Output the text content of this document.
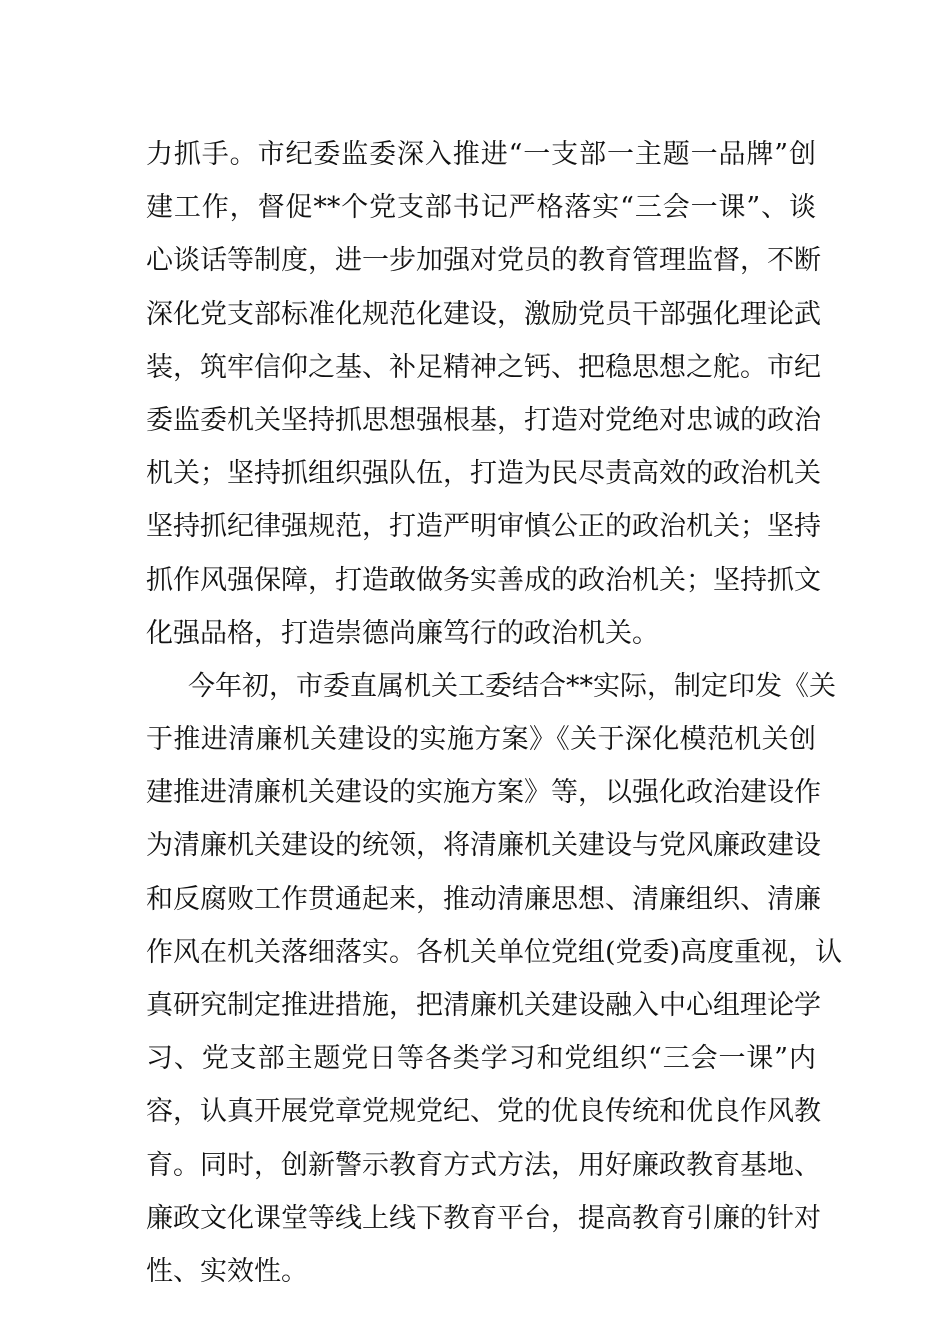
力抓手。市纪委监委深入推进“一支部一主题一品牌”创
建工作，督促**个党支部书记严格落实“三会一课”、谈
心谈话等制度，进一步加强对党员的教育管理监督，不断
深化党支部标准化规范化建设，激励党员干部强化理论武
装，筑牢信仰之基、补足精神之钙、把稳思想之舵。市纪
委监委机关坚持抓思想强根基，打造对党绝对忠诚的政治
机关；坚持抓组织强队伍，打造为民尽责高效的政治机关
坚持抓纪律强规范，打造严明审慎公正的政治机关；坚持
抓作风强保障，打造敢做务实善成的政治机关；坚持抓文
化强品格，打造崇德尚廉笃行的政治机关。
今年初，市委直属机关工委结合**实际，制定印发《关
于推进清廉机关建设的实施方案》《关于深化模范机关创
建推进清廉机关建设的实施方案》等，以强化政治建设作
为清廉机关建设的统领，将清廉机关建设与党风廉政建设
和反腐败工作贯通起来，推动清廉思想、清廉组织、清廉
作风在机关落细落实。各机关单位党组(党委)高度重视，认
真研究制定推进措施，把清廉机关建设融入中心组理论学
习、党支部主题党日等各类学习和党组织“三会一课”内
容，认真开展党章党规党纪、党的优良传统和优良作风教
育。同时，创新警示教育方式方法，用好廉政教育基地、
廉政文化课堂等线上线下教育平台，提高教育引廉的针对
性、实效性。
